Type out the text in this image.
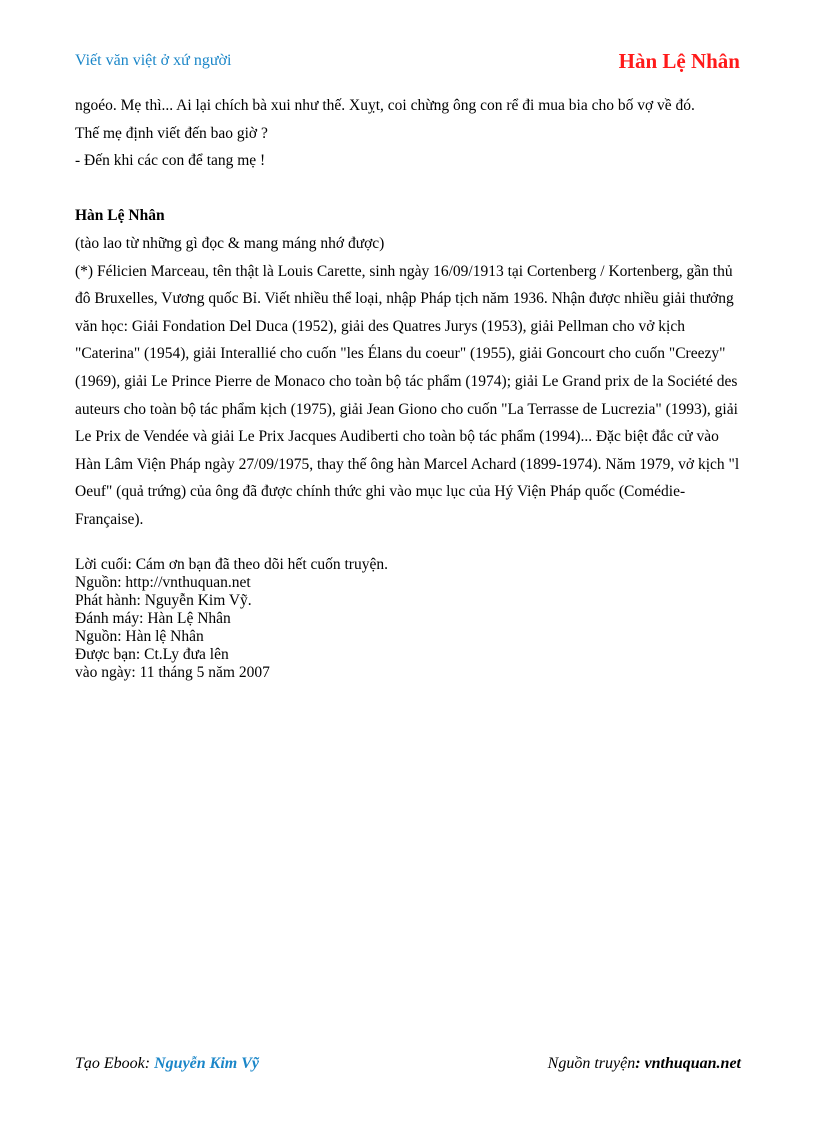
Viết văn việt ở xứ người	Hàn Lệ Nhân

ngoéo. Mẹ thì... Ai lại chích bà xui như thế. Xuỵt, coi chừng ông con rể đi mua bia cho bố vợ về đó.

Thế mẹ định viết đến bao giờ ?

- Đến khi các con để tang mẹ !

Hàn Lệ Nhân

(tào lao từ những gì đọc & mang máng nhớ được)

(*) Félicien Marceau, tên thật là Louis Carette, sinh ngày 16/09/1913 tại Cortenberg / Kortenberg, gần thủ đô Bruxelles, Vương quốc Bỉ. Viết nhiều thể loại, nhập Pháp tịch năm 1936. Nhận được nhiều giải thưởng văn học: Giải Fondation Del Duca (1952), giải des Quatres Jurys (1953), giải Pellman cho vở kịch "Caterina" (1954), giải Interallié cho cuốn "les Élans du coeur" (1955), giải Goncourt cho cuốn "Creezy" (1969), giải Le Prince Pierre de Monaco cho toàn bộ tác phẩm (1974); giải Le Grand prix de la Société des auteurs cho toàn bộ tác phẩm kịch (1975), giải Jean Giono cho cuốn "La Terrasse de Lucrezia" (1993), giải Le Prix de Vendée và giải Le Prix Jacques Audiberti cho toàn bộ tác phẩm (1994)... Đặc biệt đắc cử vào Hàn Lâm Viện Pháp ngày 27/09/1975, thay thế ông hàn Marcel Achard (1899-1974). Năm 1979, vở kịch "l Oeuf" (quả trứng) của ông đã được chính thức ghi vào mục lục của Hý Viện Pháp quốc (Comédie-Française).

Lời cuối: Cám ơn bạn đã theo dõi hết cuốn truyện.
Nguồn: http://vnthuquan.net
Phát hành: Nguyễn Kim Vỹ.
Đánh máy: Hàn Lệ Nhân
Nguồn: Hàn lệ Nhân
Được bạn: Ct.Ly đưa lên
vào ngày: 11 tháng 5 năm 2007
Tạo Ebook: Nguyễn Kim Vỹ	Nguồn truyện: vnthuquan.net
